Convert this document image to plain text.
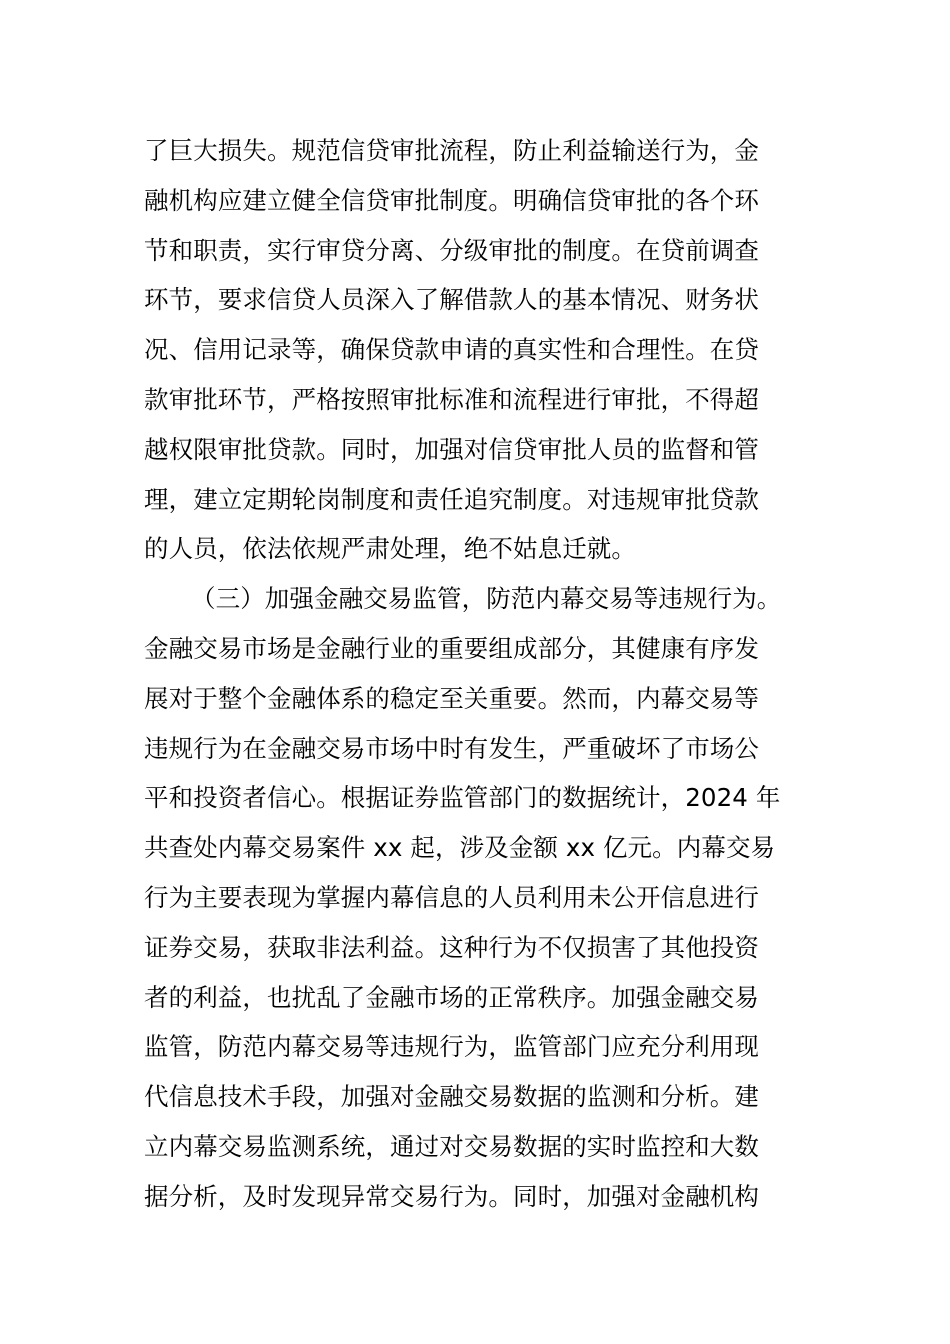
了巨大损失。规范信贷审批流程，防止利益输送行为，金
融机构应建立健全信贷审批制度。明确信贷审批的各个环
节和职责，实行审贷分离、分级审批的制度。在贷前调查
环节，要求信贷人员深入了解借款人的基本情况、财务状
况、信用记录等，确保贷款申请的真实性和合理性。在贷
款审批环节，严格按照审批标准和流程进行审批，不得超
越权限审批贷款。同时，加强对信贷审批人员的监督和管
理，建立定期轮岗制度和责任追究制度。对违规审批贷款
的人员，依法依规严肃处理，绝不姑息迁就。
（三）加强金融交易监管，防范内幕交易等违规行为。
金融交易市场是金融行业的重要组成部分，其健康有序发
展对于整个金融体系的稳定至关重要。然而，内幕交易等
违规行为在金融交易市场中时有发生，严重破坏了市场公
平和投资者信心。根据证券监管部门的数据统计，2024 年
共查处内幕交易案件 xx 起，涉及金额 xx 亿元。内幕交易
行为主要表现为掌握内幕信息的人员利用未公开信息进行
证券交易，获取非法利益。这种行为不仅损害了其他投资
者的利益，也扰乱了金融市场的正常秩序。加强金融交易
监管，防范内幕交易等违规行为，监管部门应充分利用现
代信息技术手段，加强对金融交易数据的监测和分析。建
立内幕交易监测系统，通过对交易数据的实时监控和大数
据分析，及时发现异常交易行为。同时，加强对金融机构
